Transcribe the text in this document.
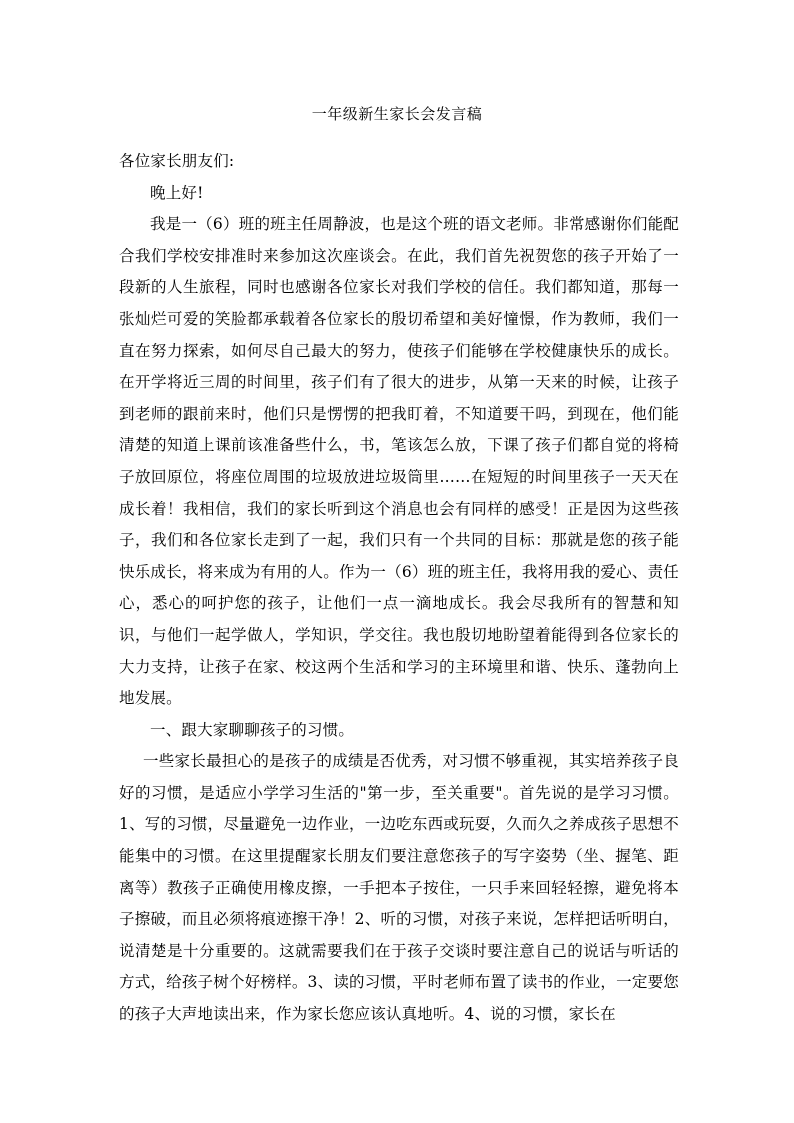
一年级新生家长会发言稿

各位家长朋友们:

晚上好!

我是一（6）班的班主任周静波，也是这个班的语文老师。非常感谢你们能配合我们学校安排准时来参加这次座谈会。在此，我们首先祝贺您的孩子开始了一段新的人生旅程，同时也感谢各位家长对我们学校的信任。我们都知道，那每一张灿烂可爱的笑脸都承载着各位家长的殷切希望和美好憧憬，作为教师，我们一直在努力探索，如何尽自己最大的努力，使孩子们能够在学校健康快乐的成长。在开学将近三周的时间里，孩子们有了很大的进步，从第一天来的时候，让孩子到老师的跟前来时，他们只是愣愣的把我盯着，不知道要干吗，到现在，他们能清楚的知道上课前该准备些什么，书，笔该怎么放，下课了孩子们都自觉的将椅子放回原位，将座位周围的垃圾放进垃圾筒里……在短短的时间里孩子一天天在成长着！我相信，我们的家长听到这个消息也会有同样的感受！正是因为这些孩子，我们和各位家长走到了一起，我们只有一个共同的目标：那就是您的孩子能快乐成长，将来成为有用的人。作为一（6）班的班主任，我将用我的爱心、责任心，悉心的呵护您的孩子，让他们一点一滴地成长。我会尽我所有的智慧和知识，与他们一起学做人，学知识，学交往。我也殷切地盼望着能得到各位家长的大力支持，让孩子在家、校这两个生活和学习的主环境里和谐、快乐、蓬勃向上地发展。

一、跟大家聊聊孩子的习惯。

一些家长最担心的是孩子的成绩是否优秀，对习惯不够重视，其实培养孩子良好的习惯，是适应小学学习生活的"第一步，至关重要"。首先说的是学习习惯。1、写的习惯，尽量避免一边作业，一边吃东西或玩耍，久而久之养成孩子思想不能集中的习惯。在这里提醒家长朋友们要注意您孩子的写字姿势（坐、握笔、距离等）教孩子正确使用橡皮擦，一手把本子按住，一只手来回轻轻擦，避免将本子擦破，而且必须将痕迹擦干净！2、听的习惯，对孩子来说，怎样把话听明白，说清楚是十分重要的。这就需要我们在于孩子交谈时要注意自己的说话与听话的方式，给孩子树个好榜样。3、读的习惯，平时老师布置了读书的作业，一定要您的孩子大声地读出来，作为家长您应该认真地听。4、说的习惯，家长在
